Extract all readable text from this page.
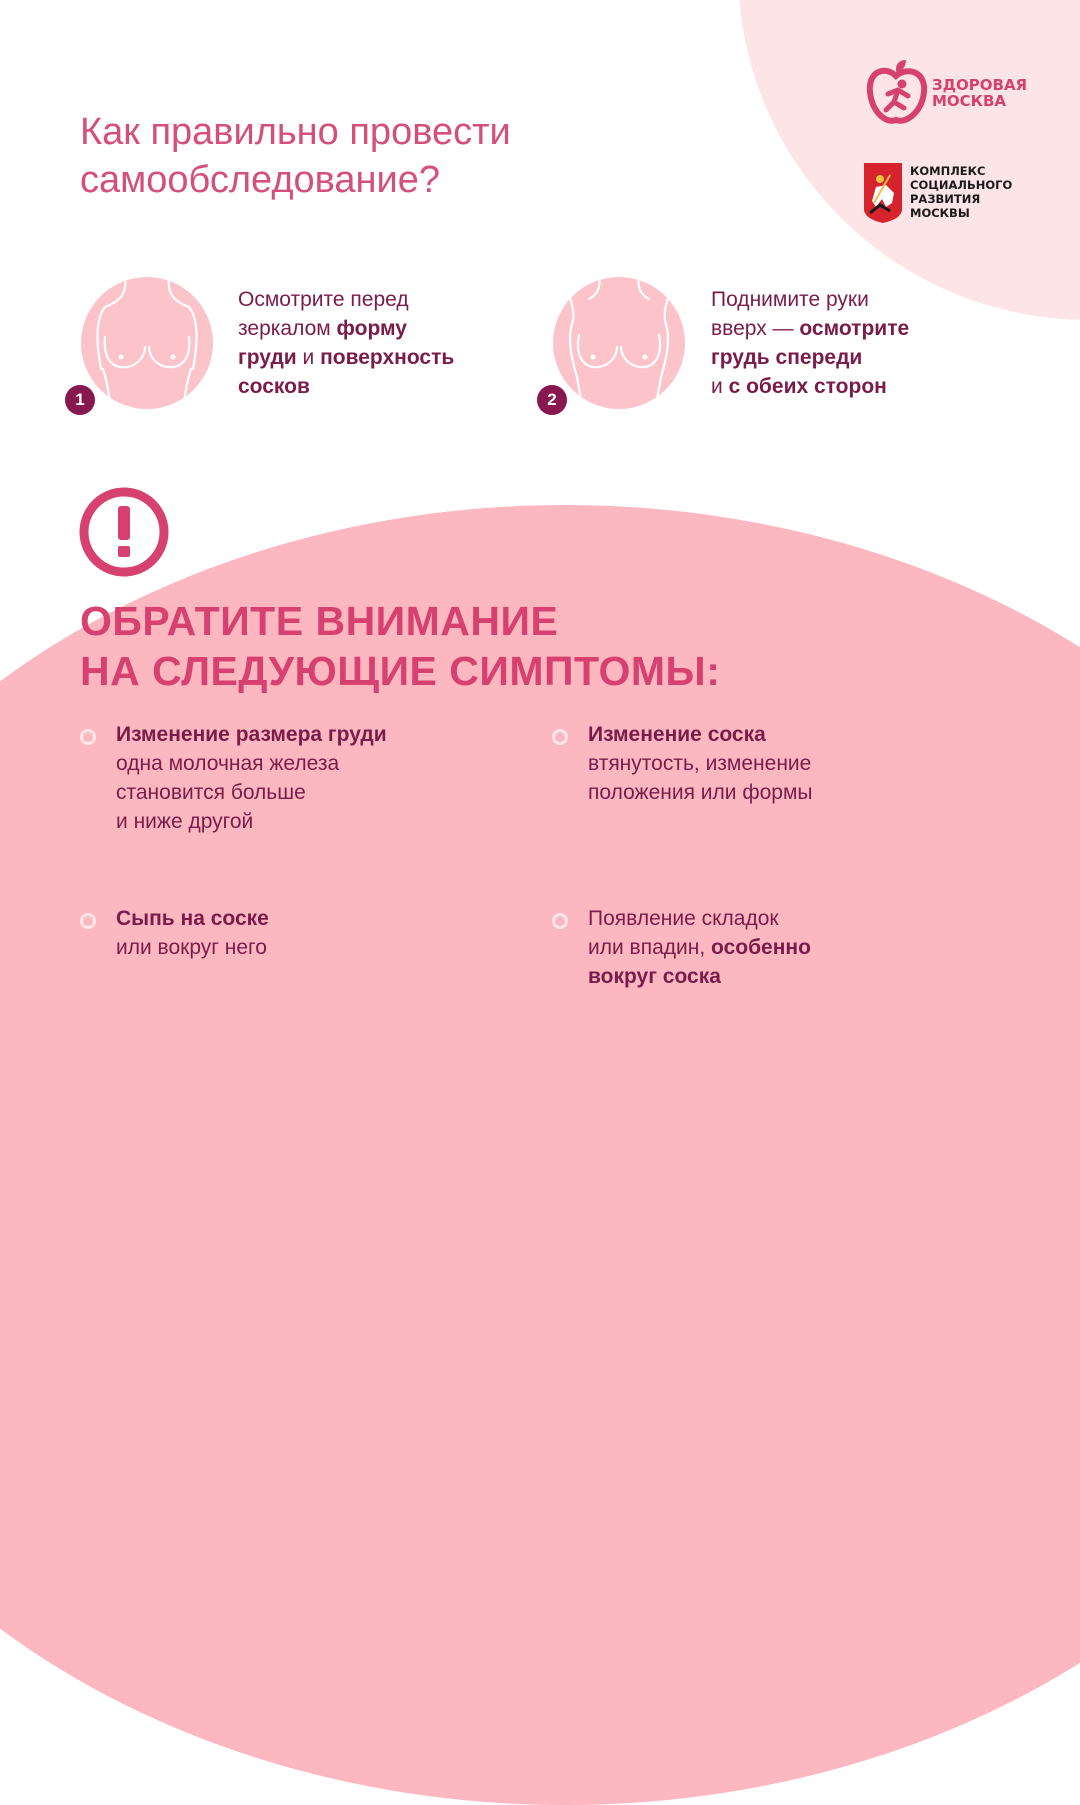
Как правильно провести
самообследование?
ЗДОРОВАЯ
МОСКВА
КОМПЛЕКС
СОЦИАЛЬНОГО
РАЗВИТИЯ
МОСКВЫ
1
Осмотрите перед
зеркалом форму
груди и поверхность
сосков
2
Поднимите руки
вверх — осмотрите
грудь спереди
и с обеих сторон
ОБРАТИТЕ ВНИМАНИЕ
НА СЛЕДУЮЩИЕ СИМПТОМЫ:
Изменение размера груди
одна молочная железа
становится больше
и ниже другой
Изменение соска
втянутость, изменение
положения или формы
Сыпь на соске
или вокруг него
Появление складок
или впадин, особенно
вокруг соска
